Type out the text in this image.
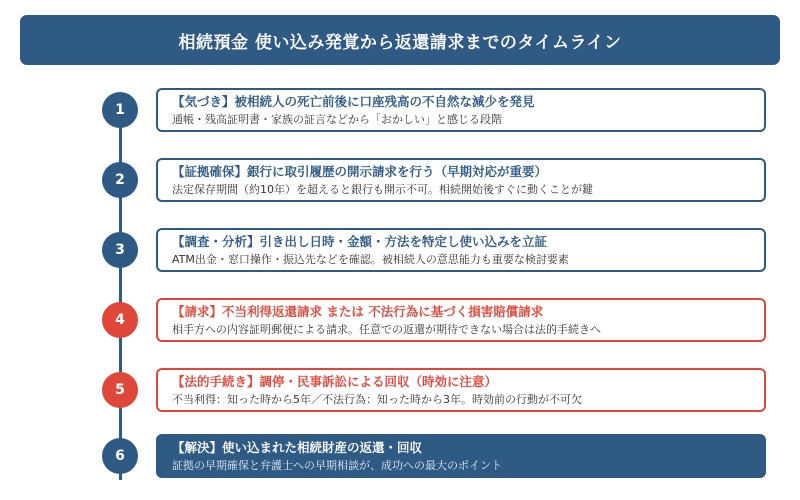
相続預金 使い込み発覚から返還請求までのタイムライン
1
【気づき】被相続人の死亡前後に口座残高の不自然な減少を発見
通帳・残高証明書・家族の証言などから「おかしい」と感じる段階
2
【証拠確保】銀行に取引履歴の開示請求を行う（早期対応が重要）
法定保存期間（約10年）を超えると銀行も開示不可。相続開始後すぐに動くことが鍵
3
【調査・分析】引き出し日時・金額・方法を特定し使い込みを立証
ATM出金・窓口操作・振込先などを確認。被相続人の意思能力も重要な検討要素
4
【請求】不当利得返還請求 または 不法行為に基づく損害賠償請求
相手方への内容証明郵便による請求。任意での返還が期待できない場合は法的手続きへ
5
【法的手続き】調停・民事訴訟による回収（時効に注意）
不当利得：知った時から5年／不法行為：知った時から3年。時効前の行動が不可欠
6
【解決】使い込まれた相続財産の返還・回収
証拠の早期確保と弁護士への早期相談が、成功への最大のポイント
